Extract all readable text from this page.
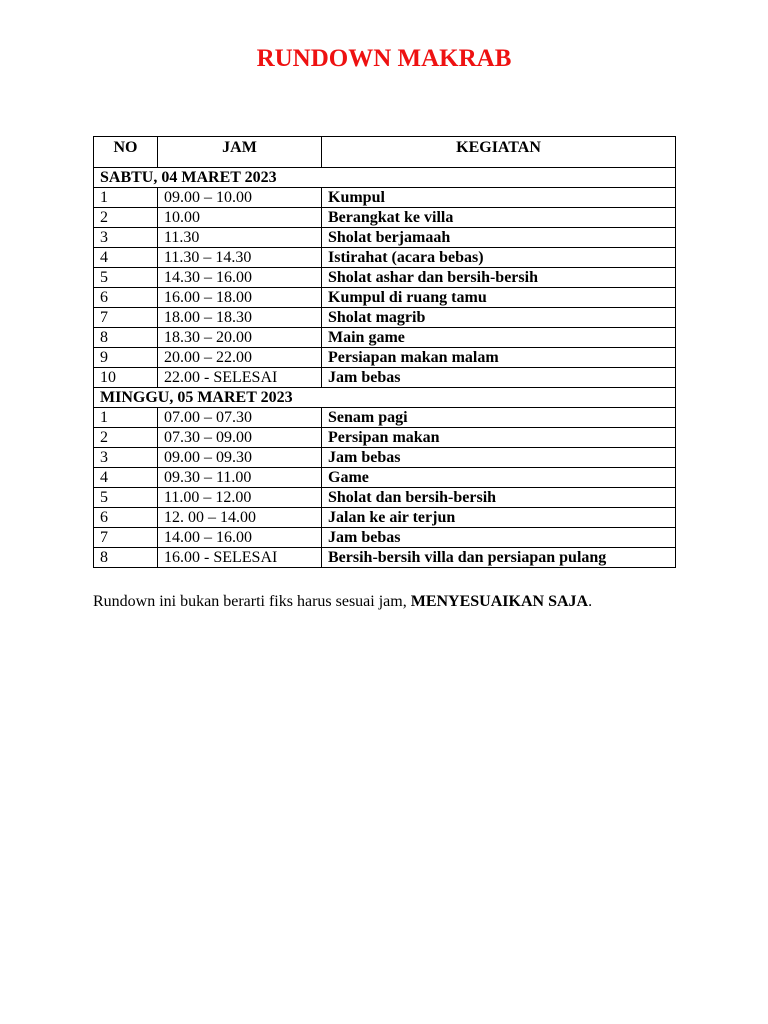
RUNDOWN MAKRAB
NO	JAM	KEGIATAN
SABTU, 04 MARET 2023		
1	09.00 – 10.00	Kumpul
2	10.00	Berangkat ke villa
3	11.30	Sholat berjamaah
4	11.30 – 14.30	Istirahat (acara bebas)
5	14.30 – 16.00	Sholat ashar dan bersih-bersih
6	16.00 – 18.00	Kumpul di ruang tamu
7	18.00 – 18.30	Sholat magrib
8	18.30 – 20.00	Main game
9	20.00 – 22.00	Persiapan makan malam
10	22.00 - SELESAI	Jam bebas
MINGGU, 05 MARET 2023		
1	07.00 – 07.30	Senam pagi
2	07.30 – 09.00	Persipan makan
3	09.00 – 09.30	Jam bebas
4	09.30 – 11.00	Game
5	11.00 – 12.00	Sholat dan bersih-bersih
6	12. 00 – 14.00	Jalan ke air terjun
7	14.00 – 16.00	Jam bebas
8	16.00 - SELESAI	Bersih-bersih villa dan persiapan pulang
Rundown ini bukan berarti fiks harus sesuai jam, MENYESUAIKAN SAJA.
